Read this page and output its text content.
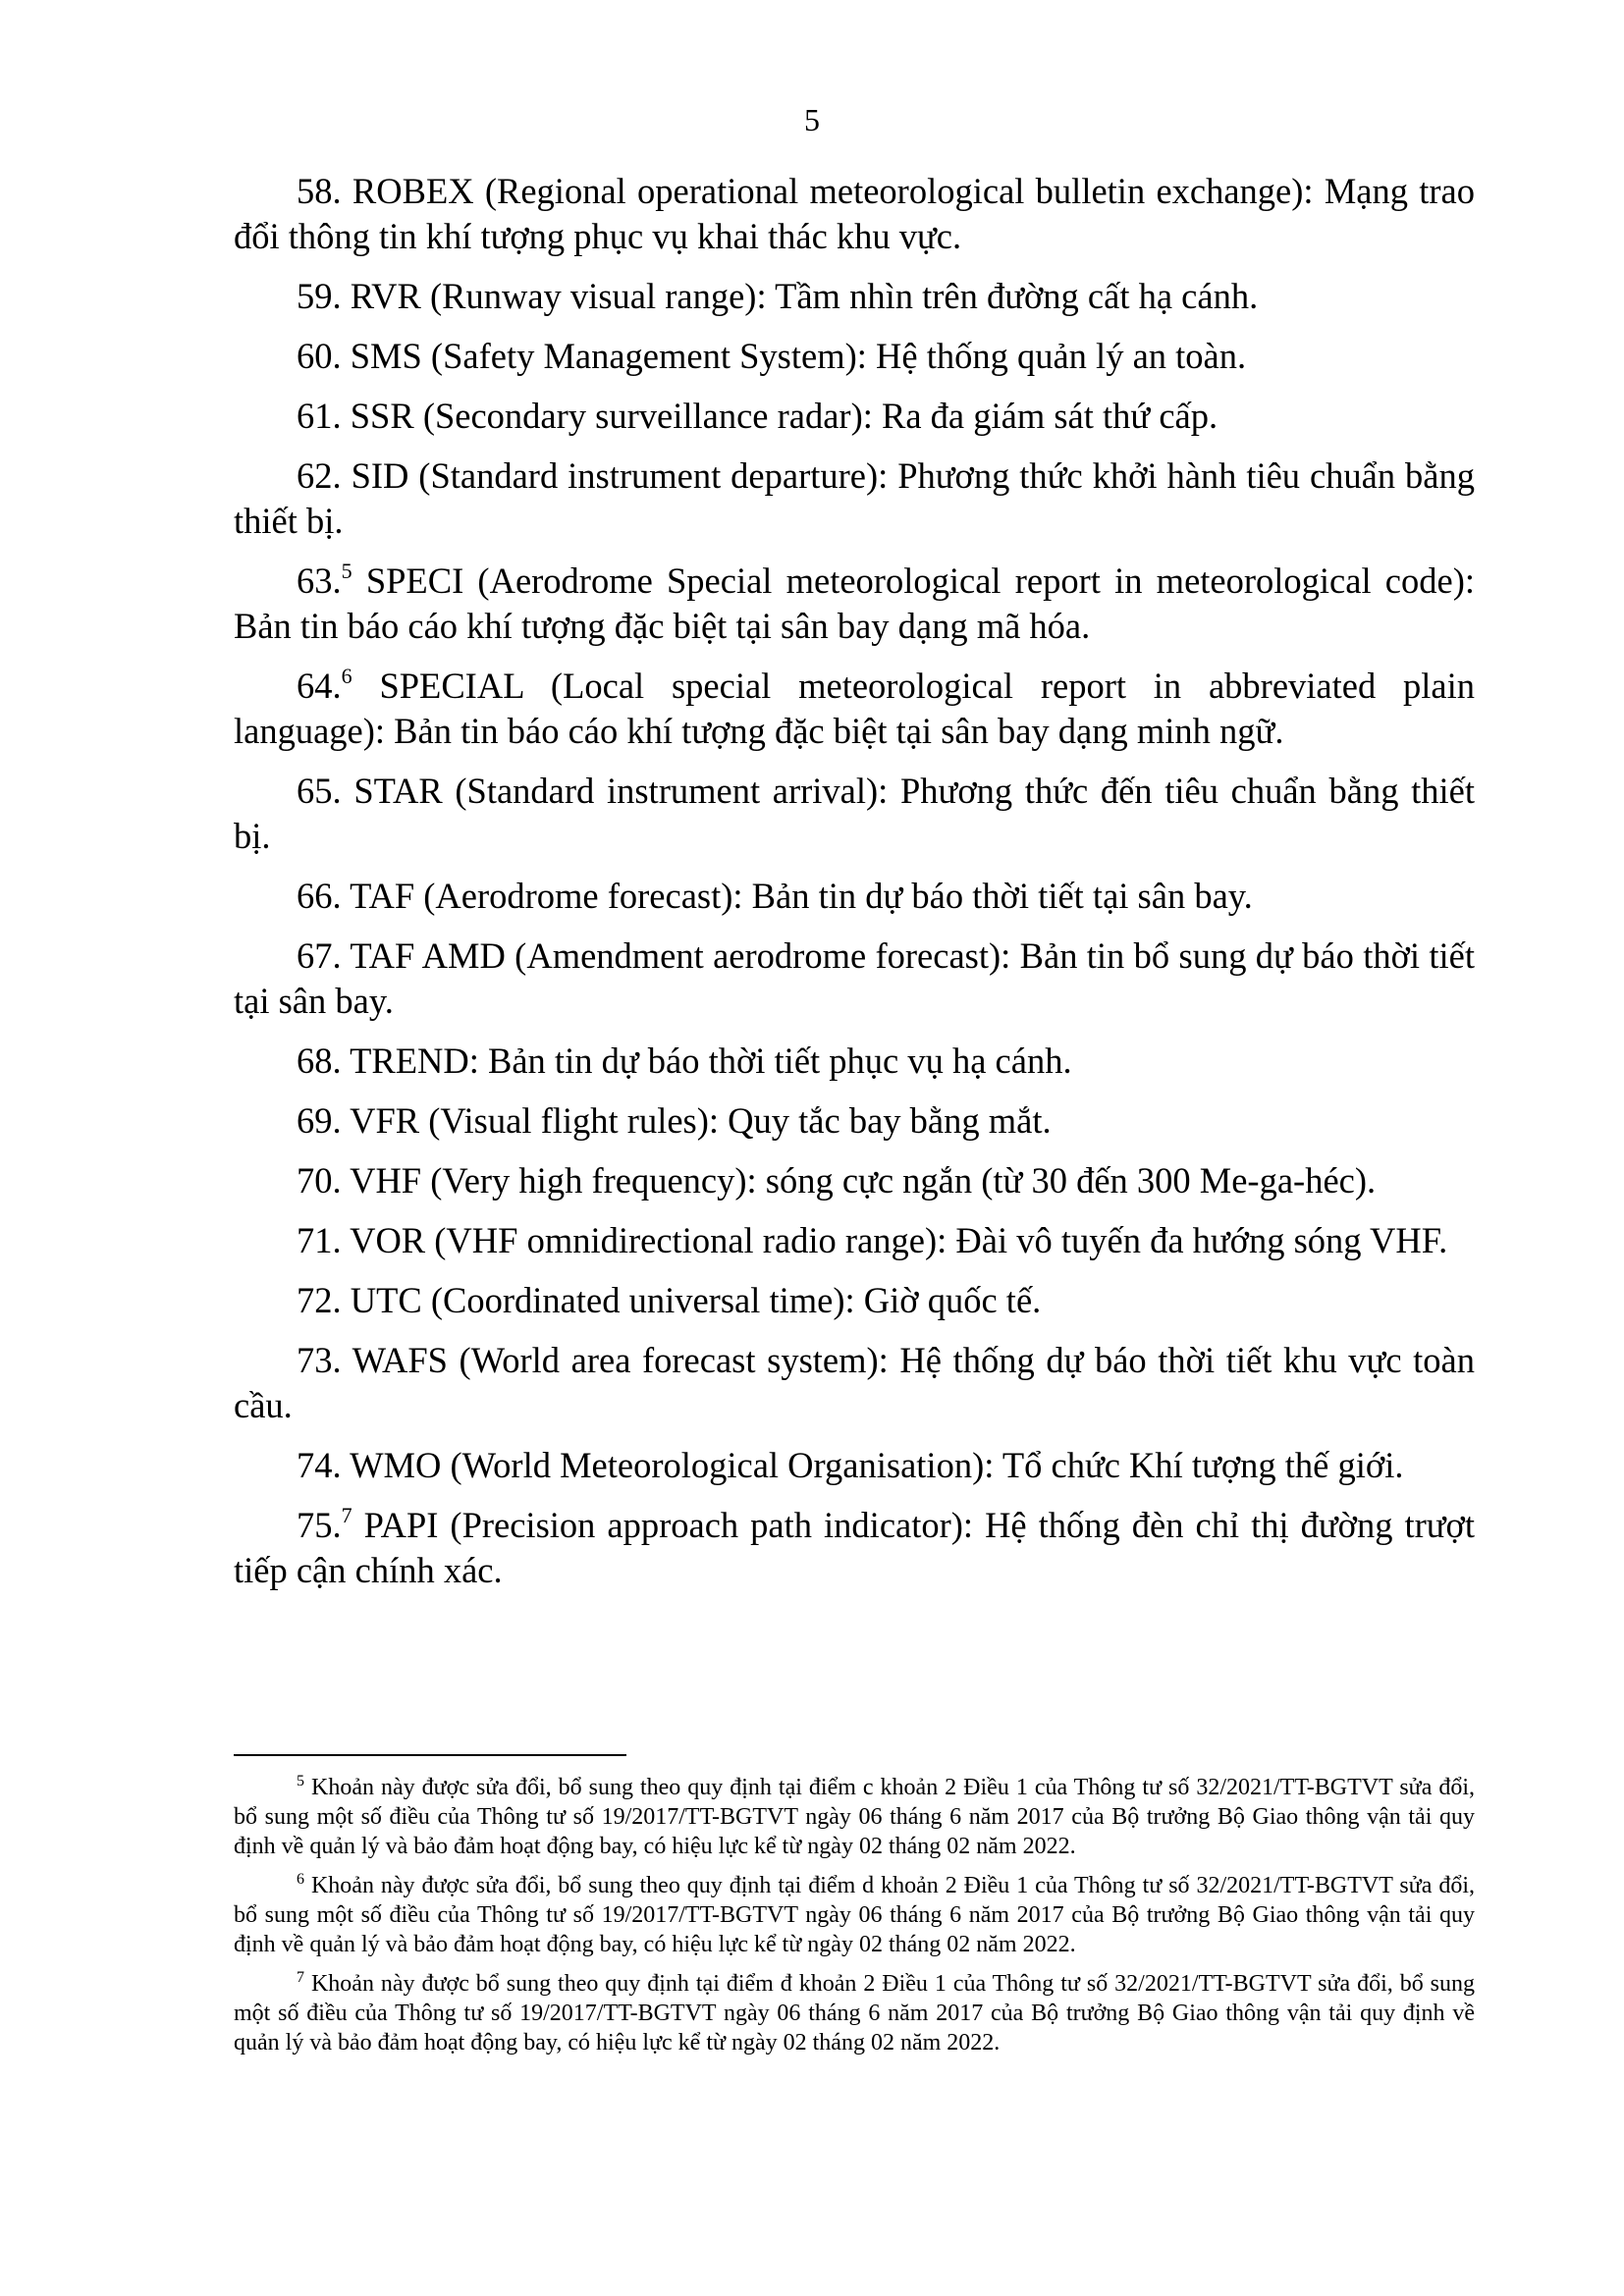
5

58. ROBEX (Regional operational meteorological bulletin exchange): Mạng trao đổi thông tin khí tượng phục vụ khai thác khu vực.

59. RVR (Runway visual range): Tầm nhìn trên đường cất hạ cánh.

60. SMS (Safety Management System): Hệ thống quản lý an toàn.

61. SSR (Secondary surveillance radar): Ra đa giám sát thứ cấp.

62. SID (Standard instrument departure): Phương thức khởi hành tiêu chuẩn bằng thiết bị.

63.$^5$ SPECI (Aerodrome Special meteorological report in meteorological code): Bản tin báo cáo khí tượng đặc biệt tại sân bay dạng mã hóa.

64.$^6$ SPECIAL (Local special meteorological report in abbreviated plain language): Bản tin báo cáo khí tượng đặc biệt tại sân bay dạng minh ngữ.

65. STAR (Standard instrument arrival): Phương thức đến tiêu chuẩn bằng thiết bị.

66. TAF (Aerodrome forecast): Bản tin dự báo thời tiết tại sân bay.

67. TAF AMD (Amendment aerodrome forecast): Bản tin bổ sung dự báo thời tiết tại sân bay.

68. TREND: Bản tin dự báo thời tiết phục vụ hạ cánh.

69. VFR (Visual flight rules): Quy tắc bay bằng mắt.

70. VHF (Very high frequency): sóng cực ngắn (từ 30 đến 300 Me-ga-héc).

71. VOR (VHF omnidirectional radio range): Đài vô tuyến đa hướng sóng VHF.

72. UTC (Coordinated universal time): Giờ quốc tế.

73. WAFS (World area forecast system): Hệ thống dự báo thời tiết khu vực toàn cầu.

74. WMO (World Meteorological Organisation): Tổ chức Khí tượng thế giới.

75.$^7$ PAPI (Precision approach path indicator): Hệ thống đèn chỉ thị đường trượt tiếp cận chính xác.

$^5$ Khoản này được sửa đổi, bổ sung theo quy định tại điểm c khoản 2 Điều 1 của Thông tư số 32/2021/TT-BGTVT sửa đổi, bổ sung một số điều của Thông tư số 19/2017/TT-BGTVT ngày 06 tháng 6 năm 2017 của Bộ trưởng Bộ Giao thông vận tải quy định về quản lý và bảo đảm hoạt động bay, có hiệu lực kể từ ngày 02 tháng 02 năm 2022.

$^6$ Khoản này được sửa đổi, bổ sung theo quy định tại điểm d khoản 2 Điều 1 của Thông tư số 32/2021/TT-BGTVT sửa đổi, bổ sung một số điều của Thông tư số 19/2017/TT-BGTVT ngày 06 tháng 6 năm 2017 của Bộ trưởng Bộ Giao thông vận tải quy định về quản lý và bảo đảm hoạt động bay, có hiệu lực kể từ ngày 02 tháng 02 năm 2022.

$^7$ Khoản này được bổ sung theo quy định tại điểm đ khoản 2 Điều 1 của Thông tư số 32/2021/TT-BGTVT sửa đổi, bổ sung một số điều của Thông tư số 19/2017/TT-BGTVT ngày 06 tháng 6 năm 2017 của Bộ trưởng Bộ Giao thông vận tải quy định về quản lý và bảo đảm hoạt động bay, có hiệu lực kể từ ngày 02 tháng 02 năm 2022.
